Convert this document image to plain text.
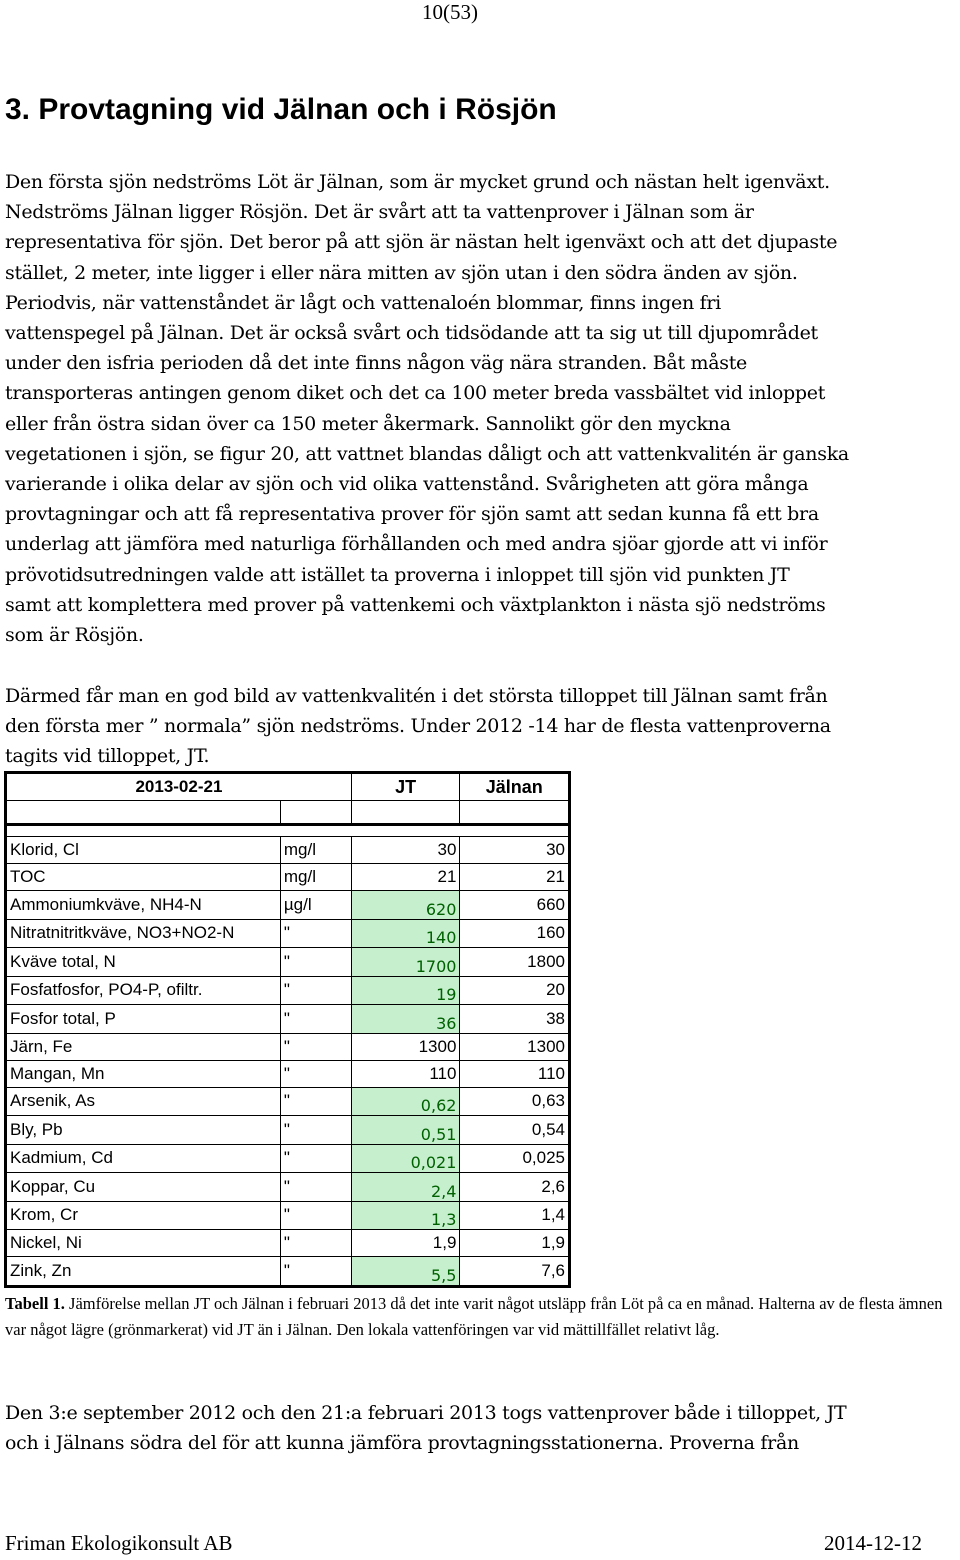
10(53)
3. Provtagning vid Jälnan och i Rösjön

Den första sjön nedströms Löt är Jälnan, som är mycket grund och nästan helt igenväxt.
Nedströms Jälnan ligger Rösjön. Det är svårt att ta vattenprover i Jälnan som är
representativa för sjön. Det beror på att sjön är nästan helt igenväxt och att det djupaste
stället, 2 meter, inte ligger i eller nära mitten av sjön utan i den södra änden av sjön.
Periodvis, när vattenståndet är lågt och vattenaloén blommar, finns ingen fri
vattenspegel på Jälnan. Det är också svårt och tidsödande att ta sig ut till djupområdet
under den isfria perioden då det inte finns någon väg nära stranden. Båt måste
transporteras antingen genom diket och det ca 100 meter breda vassbältet vid inloppet
eller från östra sidan över ca 150 meter åkermark. Sannolikt gör den myckna
vegetationen i sjön, se figur 20, att vattnet blandas dåligt och att vattenkvalitén är ganska
varierande i olika delar av sjön och vid olika vattenstånd. Svårigheten att göra många
provtagningar och att få representativa prover för sjön samt att sedan kunna få ett bra
underlag att jämföra med naturliga förhållanden och med andra sjöar gjorde att vi inför
prövotidsutredningen valde att istället ta proverna i inloppet till sjön vid punkten JT
samt att komplettera med prover på vattenkemi och växtplankton i nästa sjö nedströms
som är Rösjön.

Därmed får man en god bild av vattenkvalitén i det största tilloppet till Jälnan samt från
den första mer ” normala” sjön nedströms. Under 2012 -14 har de flesta vattenproverna
tagits vid tilloppet, JT.

2013-02-21		JT	Jälnan

Klorid, Cl	mg/l	30	30
TOC	mg/l	21	21
Ammoniumkväve, NH4-N	µg/l	620	660
Nitratnitritkväve, NO3+NO2-N	"	140	160
Kväve total, N	"	1700	1800
Fosfatfosfor, PO4-P, ofiltr.	"	19	20
Fosfor total, P	"	36	38
Järn, Fe	"	1300	1300
Mangan, Mn	"	110	110
Arsenik, As	"	0,62	0,63
Bly, Pb	"	0,51	0,54
Kadmium, Cd	"	0,021	0,025
Koppar, Cu	"	2,4	2,6
Krom, Cr	"	1,3	1,4
Nickel, Ni	"	1,9	1,9
Zink, Zn	"	5,5	7,6

Tabell 1. Jämförelse mellan JT och Jälnan i februari 2013 då det inte varit något utsläpp från Löt på ca en månad. Halterna av de flesta ämnen var något lägre (grönmarkerat) vid JT än i Jälnan. Den lokala vattenföringen var vid mättillfället relativt låg.

Den 3:e september 2012 och den 21:a februari 2013 togs vattenprover både i tilloppet, JT
och i Jälnans södra del för att kunna jämföra provtagningsstationerna. Proverna från

Friman Ekologikonsult AB	2014-12-12
